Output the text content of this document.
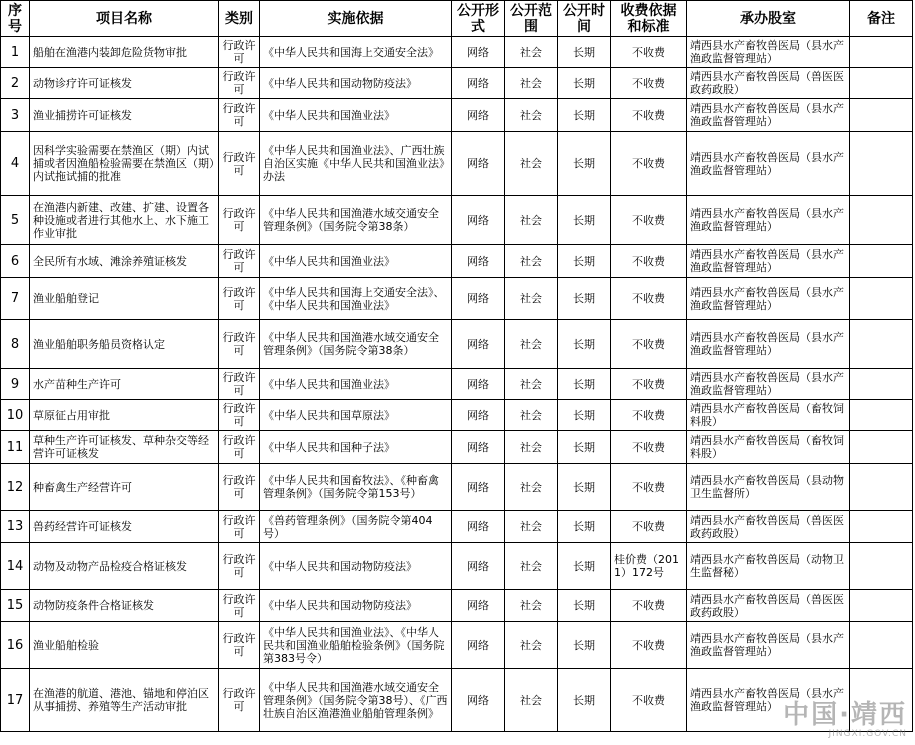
序号	项目名称	类别	实施依据	公开形式	公开范围	公开时间	收费依据和标准	承办股室	备注
1	船舶在渔港内装卸危险货物审批	行政许可	《中华人民共和国海上交通安全法》	网络	社会	长期	不收费	靖西县水产畜牧兽医局（县水产渔政监督管理站）	
2	动物诊疗许可证核发	行政许可	《中华人民共和国动物防疫法》	网络	社会	长期	不收费	靖西县水产畜牧兽医局（兽医医政药政股）	
3	渔业捕捞许可证核发	行政许可	《中华人民共和国渔业法》	网络	社会	长期	不收费	靖西县水产畜牧兽医局（县水产渔政监督管理站）	
4	因科学实验需要在禁渔区（期）内试捕或者因渔船检验需要在禁渔区（期）内试拖试捕的批准	行政许可	《中华人民共和国渔业法》、广西壮族自治区实施《中华人民共和国渔业法》办法	网络	社会	长期	不收费	靖西县水产畜牧兽医局（县水产渔政监督管理站）	
5	在渔港内新建、改建、扩建、设置各种设施或者进行其他水上、水下施工作业审批	行政许可	《中华人民共和国渔港水域交通安全管理条例》（国务院令第38条）	网络	社会	长期	不收费	靖西县水产畜牧兽医局（县水产渔政监督管理站）	
6	全民所有水域、滩涂养殖证核发	行政许可	《中华人民共和国渔业法》	网络	社会	长期	不收费	靖西县水产畜牧兽医局（县水产渔政监督管理站）	
7	渔业船舶登记	行政许可	《中华人民共和国海上交通安全法》、《中华人民共和国渔业法》	网络	社会	长期	不收费	靖西县水产畜牧兽医局（县水产渔政监督管理站）	
8	渔业船舶职务船员资格认定	行政许可	《中华人民共和国渔港水域交通安全管理条例》（国务院令第38条）	网络	社会	长期	不收费	靖西县水产畜牧兽医局（县水产渔政监督管理站）	
9	水产苗种生产许可	行政许可	《中华人民共和国渔业法》	网络	社会	长期	不收费	靖西县水产畜牧兽医局（县水产渔政监督管理站）	
10	草原征占用审批	行政许可	《中华人民共和国草原法》	网络	社会	长期	不收费	靖西县水产畜牧兽医局（畜牧饲料股）	
11	草种生产许可证核发、草种杂交等经营许可证核发	行政许可	《中华人民共和国种子法》	网络	社会	长期	不收费	靖西县水产畜牧兽医局（畜牧饲料股）	
12	种畜禽生产经营许可	行政许可	《中华人民共和国畜牧法》、《种畜禽管理条例》（国务院令第153号）	网络	社会	长期	不收费	靖西县水产畜牧兽医局（县动物卫生监督所）	
13	兽药经营许可证核发	行政许可	《兽药管理条例》（国务院令第404号）	网络	社会	长期	不收费	靖西县水产畜牧兽医局（兽医医政药政股）	
14	动物及动物产品检疫合格证核发	行政许可	《中华人民共和国动物防疫法》	网络	社会	长期	桂价费（2011）172号	靖西县水产畜牧兽医局（动物卫生监督秘）	
15	动物防疫条件合格证核发	行政许可	《中华人民共和国动物防疫法》	网络	社会	长期	不收费	靖西县水产畜牧兽医局（兽医医政药政股）	
16	渔业船舶检验	行政许可	《中华人民共和国渔业法》、《中华人民共和国渔业船舶检验条例》（国务院第383号令）	网络	社会	长期	不收费	靖西县水产畜牧兽医局（县水产渔政监督管理站）	
17	在渔港的航道、港池、锚地和停泊区从事捕捞、养殖等生产活动审批	行政许可	《中华人民共和国渔港水域交通安全管理条例》（国务院令第38号）、《广西壮族自治区渔港渔业船舶管理条例》	网络	社会	长期	不收费	靖西县水产畜牧兽医局（县水产渔政监督管理站）	中国·靖西
JINGXI.GOV.CN
